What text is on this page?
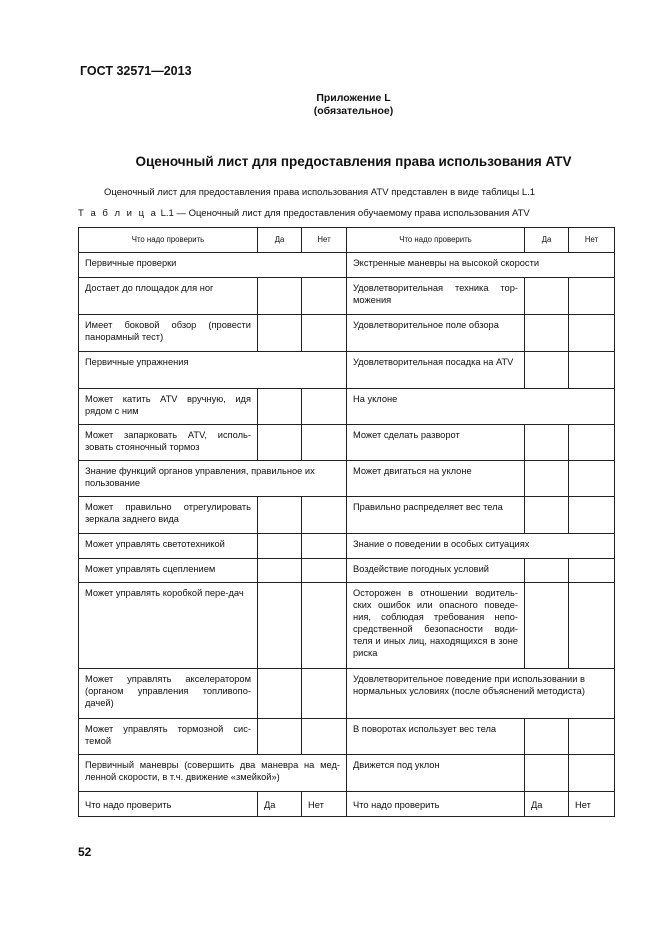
ГОСТ 32571—2013
Приложение L
(обязательное)
Оценочный лист для предоставления права использования ATV
Оценочный лист для предоставления права использования ATV представлен в виде таблицы L.1
Т а б л и ц а L.1 — Оценочный лист для предоставления обучаемому права использования ATV
Что надо проверить	Да	Нет	Что надо проверить	Да	Нет
Первичные проверки			Экстренные маневры на высокой скорости		
Достает до площадок для ног			Удовлетворительная техника тор-можения		
Имеет боковой обзор (провести панорамный тест)			Удовлетворительное поле обзора		
Первичные упражнения			Удовлетворительная посадка на ATV		
Может катить ATV вручную, идя рядом с ним			На уклоне		
Может запарковать ATV, исполь-зовать стояночный тормоз			Может сделать разворот		
Знание функций органов управления, правильное их пользование			Может двигаться на уклоне		
Может правильно отрегулировать зеркала заднего вида			Правильно распределяет вес тела		
Может управлять светотехникой			Знание о поведении в особых ситуациях		
Может управлять сцеплением			Воздействие погодных условий		
Может управлять коробкой пере-дач			Осторожен в отношении водитель-ских ошибок или опасного поведе-ния, соблюдая требования непо-средственной безопасности води-теля и иных лиц, находящихся в зоне риска		
Может управлять акселератором (органом управления топливопо-дачей)			Удовлетворительное поведение при использовании в нормальных условиях (после объяснений методиста)		
Может управлять тормозной сис-темой			В поворотах использует вес тела		
Первичный маневры (совершить два маневра на мед-ленной скорости, в т.ч. движение «змейкой»)			Движется под уклон		
Что надо проверить	Да	Нет	Что надо проверить	Да	Нет
52
